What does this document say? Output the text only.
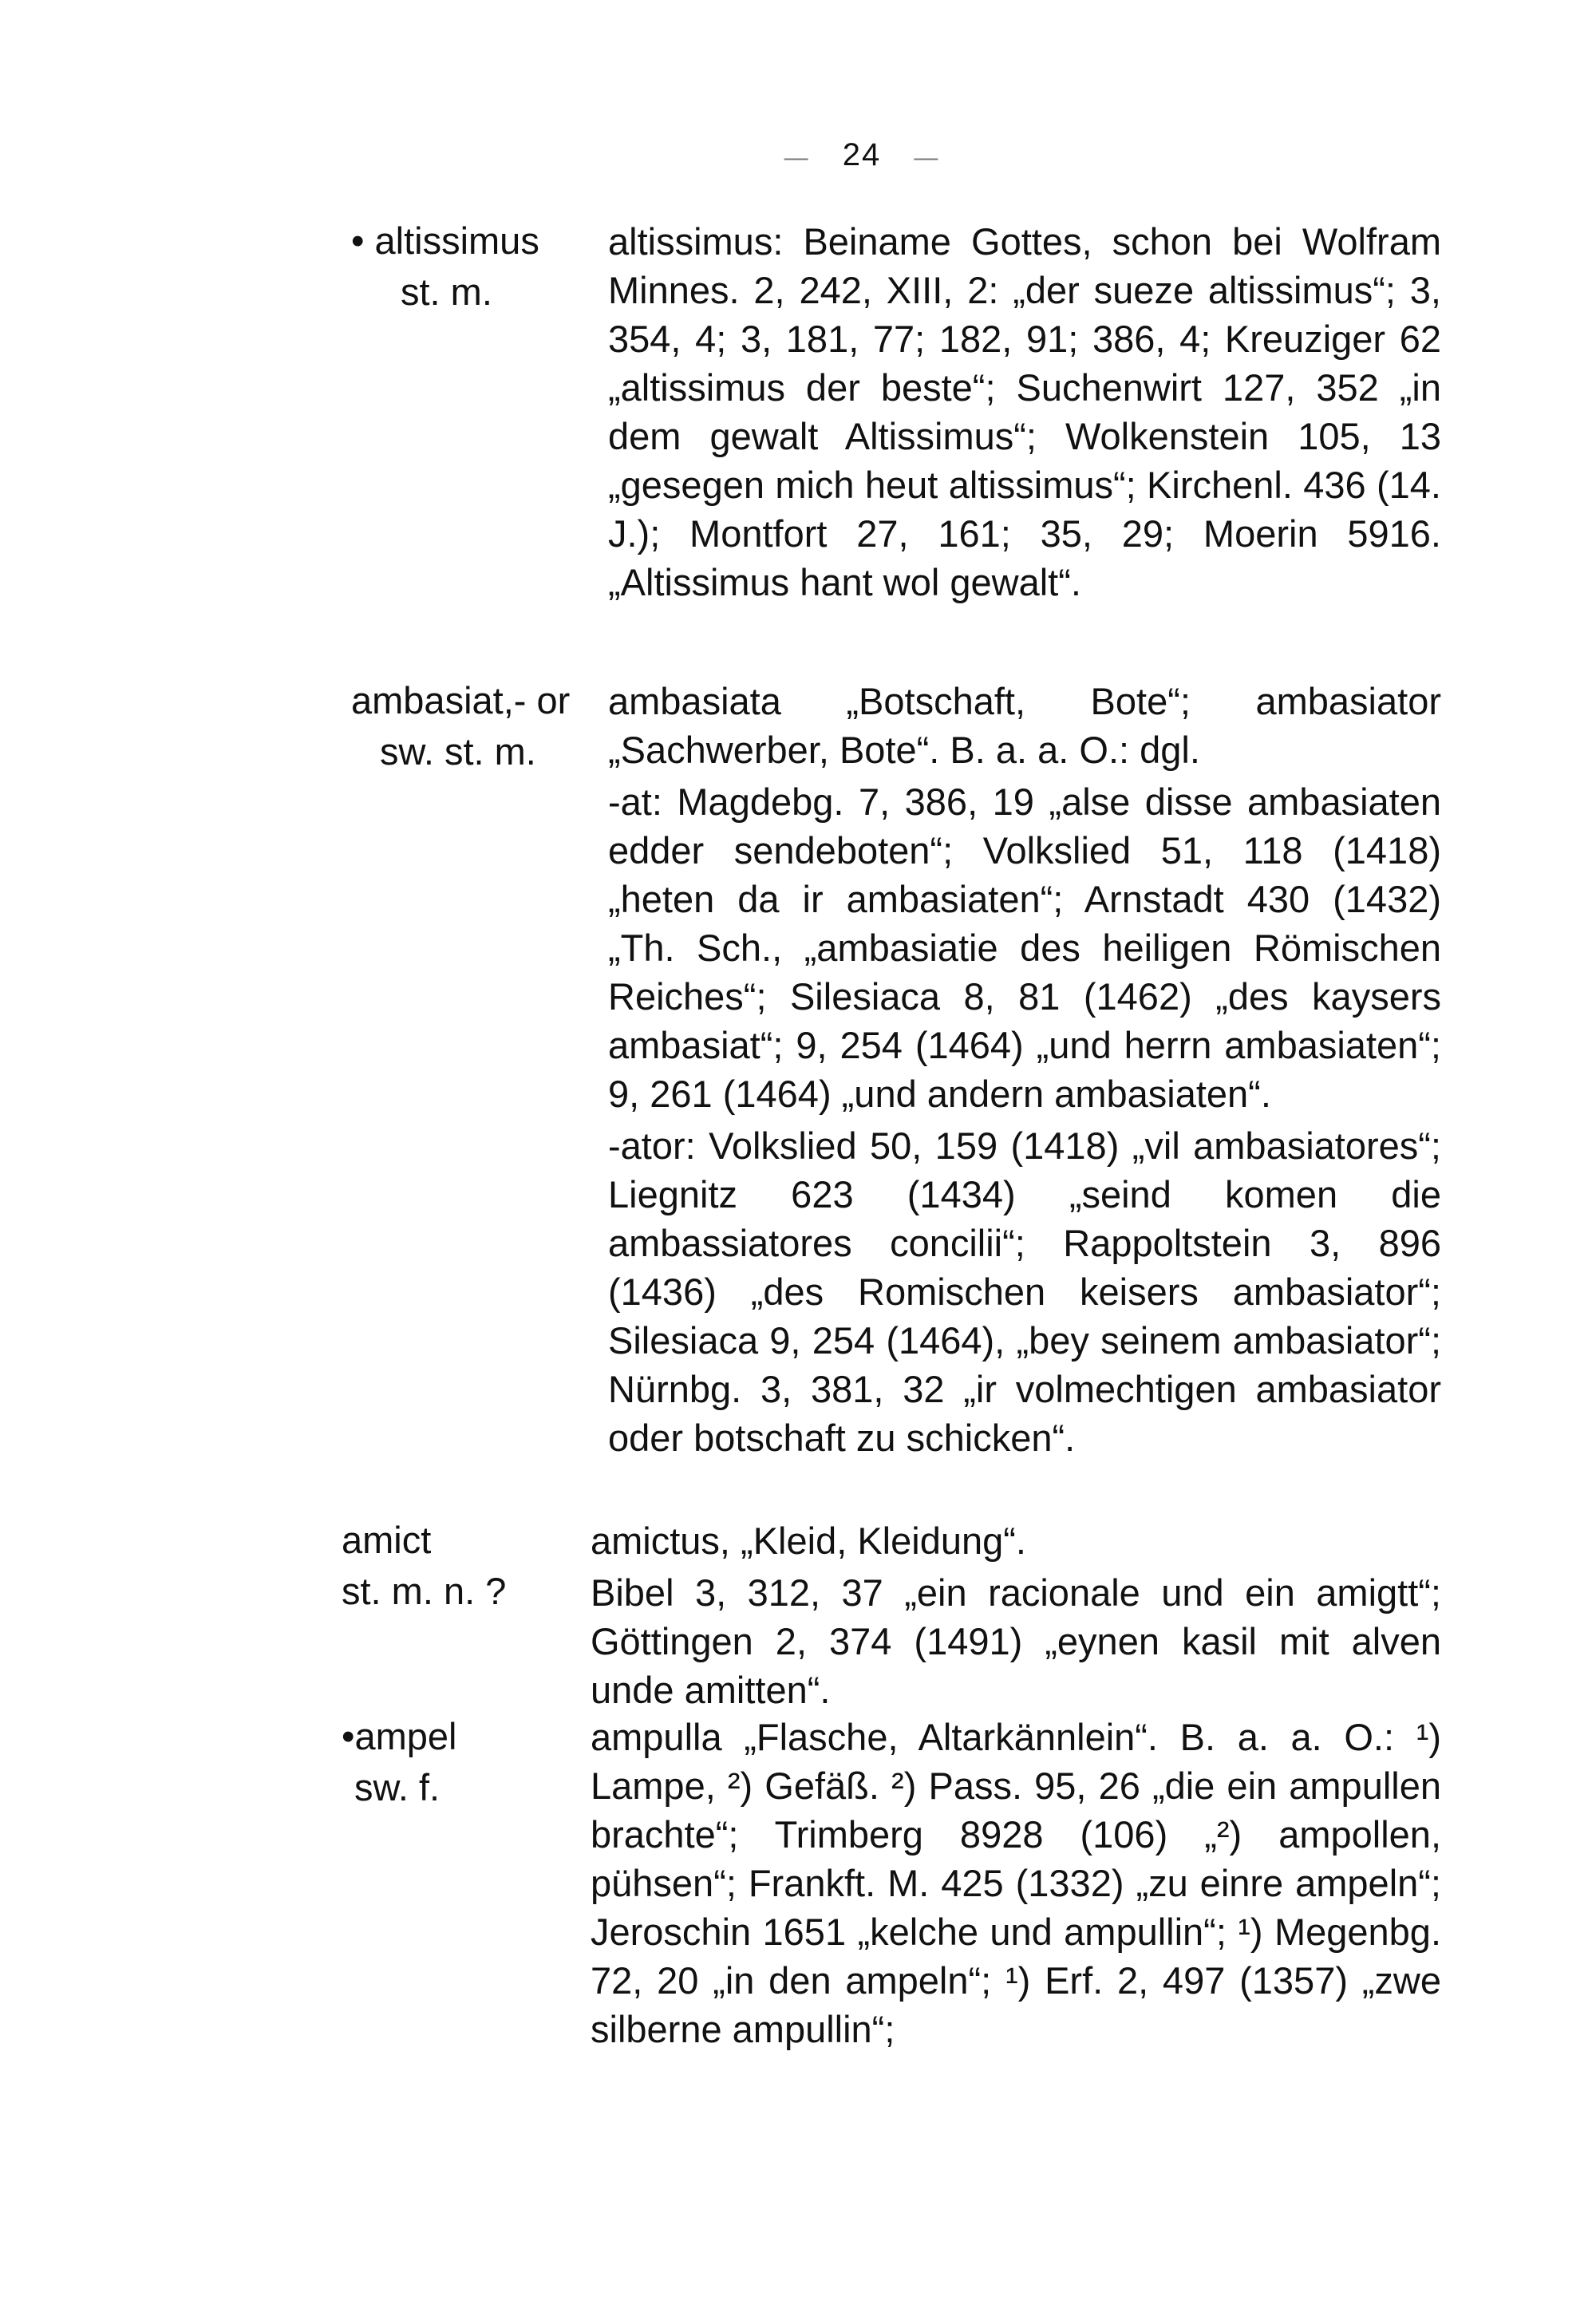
— 24 —
• altissimus
st. m.

altissimus: Beiname Gottes, schon bei Wolfram Minnes. 2, 242, XIII, 2: „der sueze altissimus“; 3, 354, 4; 3, 181, 77; 182, 91; 386, 4; Kreuziger 62 „altissimus der beste“; Suchenwirt 127, 352 „in dem gewalt Altissimus“; Wolkenstein 105, 13 „gesegen mich heut altissimus“; Kirchenl. 436 (14. J.); Montfort 27, 161; 35, 29; Moerin 5916. „Altissimus hant wol gewalt“.

ambasiat,- or
sw. st. m.

ambasiata „Botschaft, Bote“; ambasiator „Sachwerber, Bote“. B. a. a. O.: dgl.

-at: Magdebg. 7, 386, 19 „alse disse ambasiaten edder sendeboten“; Volkslied 51, 118 (1418) „heten da ir ambasiaten“; Arnstadt 430 (1432) „Th. Sch., „ambasiatie des heiligen Römischen Reiches“; Silesiaca 8, 81 (1462) „des kaysers ambasiat“; 9, 254 (1464) „und herrn ambasiaten“; 9, 261 (1464) „und andern ambasiaten“.

-ator: Volkslied 50, 159 (1418) „vil ambasiatores“; Liegnitz 623 (1434) „seind komen die ambassiatores concilii“; Rappoltstein 3, 896 (1436) „des Romischen keisers ambasiator“; Silesiaca 9, 254 (1464), „bey seinem ambasiator“; Nürnbg. 3, 381, 32 „ir volmechtigen ambasiator oder botschaft zu schicken“.

amict
st. m. n. ?

amictus, „Kleid, Kleidung“.

Bibel 3, 312, 37 „ein racionale und ein amigtt“; Göttingen 2, 374 (1491) „eynen kasil mit alven unde amitten“.

•ampel
sw. f.

ampulla „Flasche, Altarkännlein“. B. a. a. O.: ¹) Lampe, ²) Gefäß. ²) Pass. 95, 26 „die ein ampullen brachte“; Trimberg 8928 (106) „²) ampollen, pühsen“; Frankft. M. 425 (1332) „zu einre ampeln“; Jeroschin 1651 „kelche und ampullin“; ¹) Megenbg. 72, 20 „in den ampeln“; ¹) Erf. 2, 497 (1357) „zwe silberne ampullin“;
